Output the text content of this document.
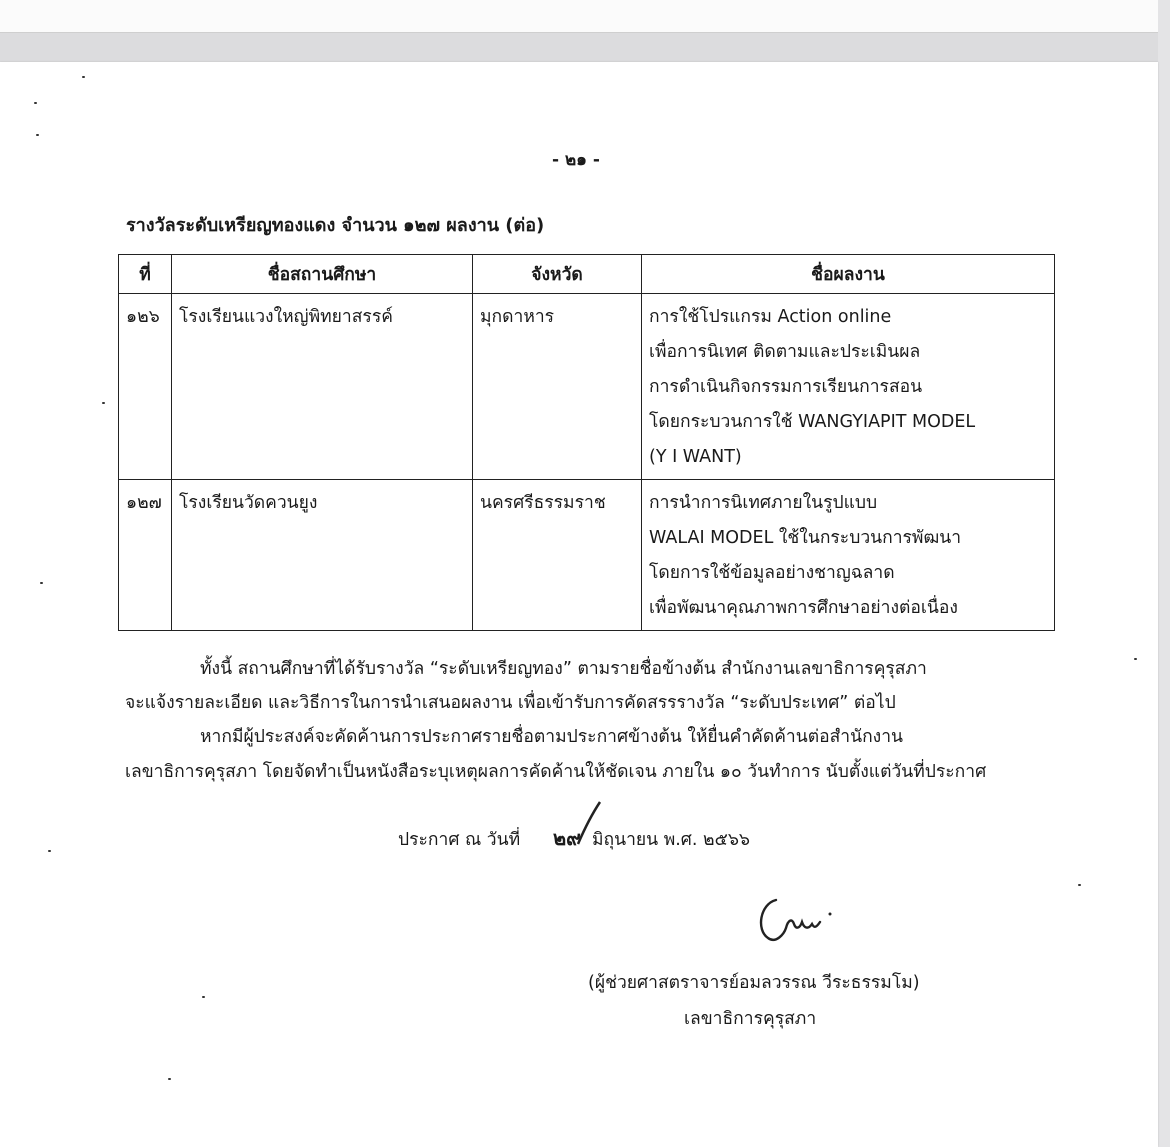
- ๒๑ -
รางวัลระดับเหรียญทองแดง จำนวน ๑๒๗ ผลงาน (ต่อ)
ที่	ชื่อสถานศึกษา	จังหวัด	ชื่อผลงาน
๑๒๖	โรงเรียนแวงใหญ่พิทยาสรรค์	มุกดาหาร	การใช้โปรแกรม Action online
เพื่อการนิเทศ ติดตามและประเมินผล
การดำเนินกิจกรรมการเรียนการสอน
โดยกระบวนการใช้ WANGYIAPIT MODEL
(Y I WANT)

๑๒๗	โรงเรียนวัดควนยูง	นครศรีธรรมราช	การนำการนิเทศภายในรูปแบบ
WALAI MODEL ใช้ในกระบวนการพัฒนา
โดยการใช้ข้อมูลอย่างชาญฉลาด
เพื่อพัฒนาคุณภาพการศึกษาอย่างต่อเนื่อง
ทั้งนี้ สถานศึกษาที่ได้รับรางวัล “ระดับเหรียญทอง” ตามรายชื่อข้างต้น สำนักงานเลขาธิการคุรุสภา
จะแจ้งรายละเอียด และวิธีการในการนำเสนอผลงาน เพื่อเข้ารับการคัดสรรรางวัล “ระดับประเทศ” ต่อไป
หากมีผู้ประสงค์จะคัดค้านการประกาศรายชื่อตามประกาศข้างต้น ให้ยื่นคำคัดค้านต่อสำนักงาน
เลขาธิการคุรุสภา โดยจัดทำเป็นหนังสือระบุเหตุผลการคัดค้านให้ชัดเจน ภายใน ๑๐ วันทำการ นับตั้งแต่วันที่ประกาศ
ประกาศ ณ วันที่ ๒๙ มิถุนายน พ.ศ. ๒๕๖๖
(ผู้ช่วยศาสตราจารย์อมลวรรณ วีระธรรมโม)
เลขาธิการคุรุสภา
